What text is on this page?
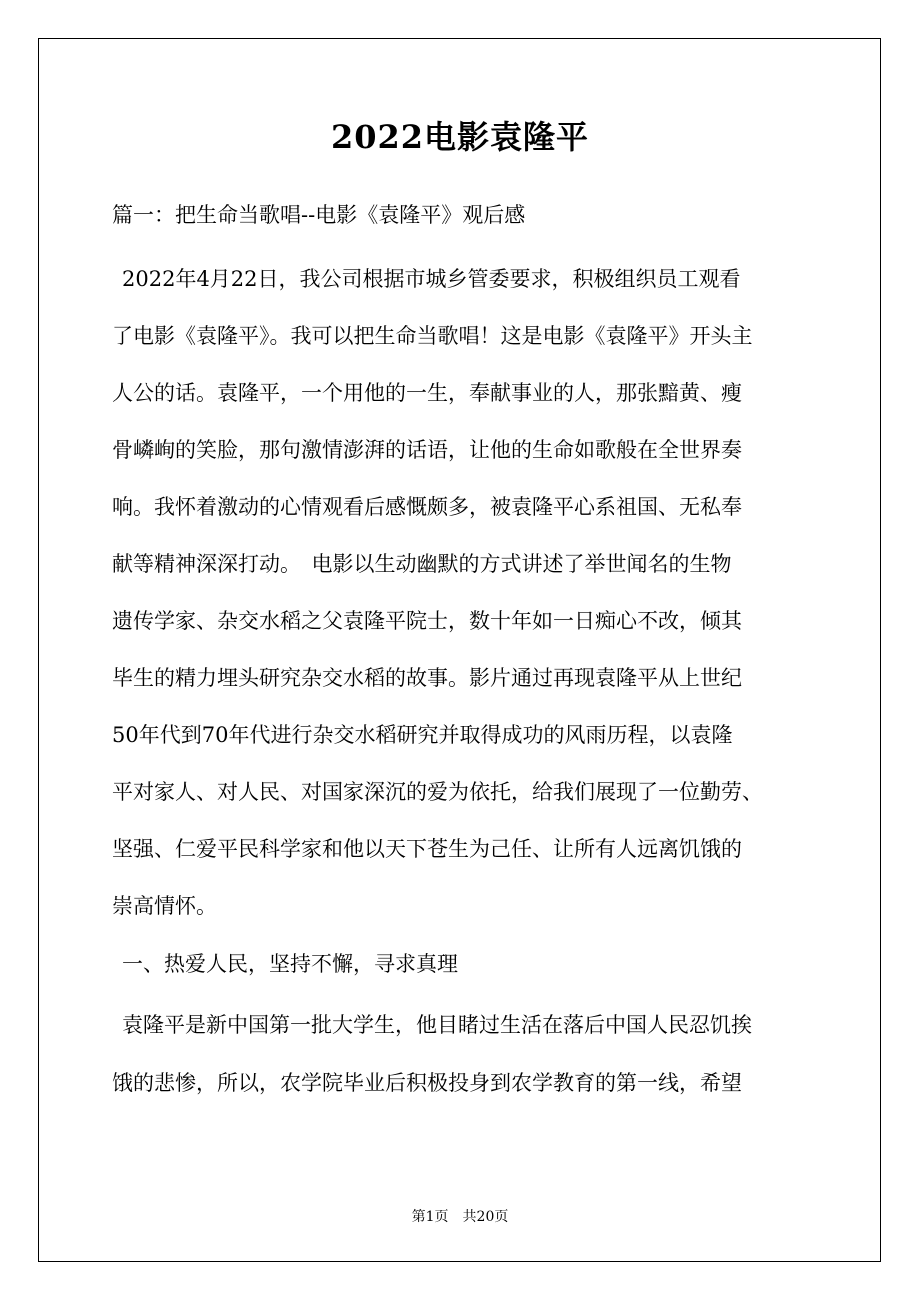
2022电影袁隆平
篇一：把生命当歌唱--电影《袁隆平》观后感
2022年4月22日，我公司根据市城乡管委要求，积极组织员工观看
了电影《袁隆平》。我可以把生命当歌唱！这是电影《袁隆平》开头主
人公的话。袁隆平，一个用他的一生，奉献事业的人，那张黯黄、瘦
骨嶙峋的笑脸，那句激情澎湃的话语，让他的生命如歌般在全世界奏
响。我怀着激动的心情观看后感慨颇多，被袁隆平心系祖国、无私奉
献等精神深深打动。　电影以生动幽默的方式讲述了举世闻名的生物
遗传学家、杂交水稻之父袁隆平院士，数十年如一日痴心不改，倾其
毕生的精力埋头研究杂交水稻的故事。影片通过再现袁隆平从上世纪
50年代到70年代进行杂交水稻研究并取得成功的风雨历程，以袁隆
平对家人、对人民、对国家深沉的爱为依托，给我们展现了一位勤劳、
坚强、仁爱平民科学家和他以天下苍生为己任、让所有人远离饥饿的
崇高情怀。
一、热爱人民，坚持不懈，寻求真理
袁隆平是新中国第一批大学生，他目睹过生活在落后中国人民忍饥挨
饿的悲惨，所以，农学院毕业后积极投身到农学教育的第一线，希望
第1页　共20页
